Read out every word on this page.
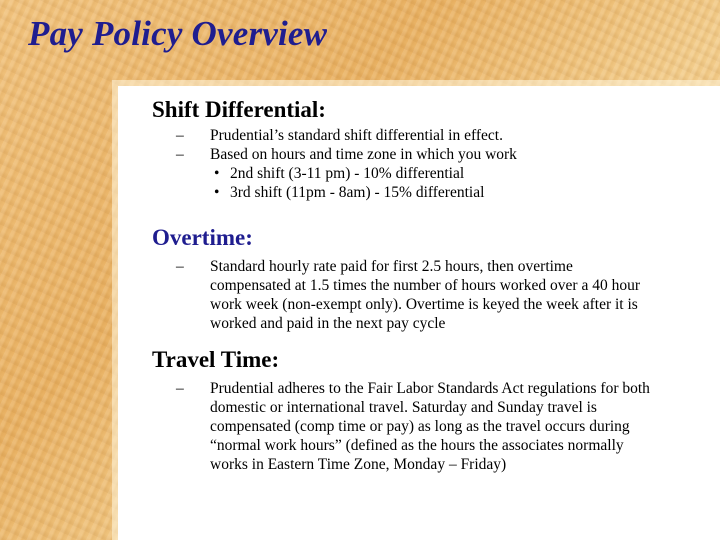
Pay Policy Overview
Shift Differential:
– Prudential’s standard shift differential in effect.
– Based on hours and time zone in which you work
• 2nd shift (3-11 pm) - 10% differential
• 3rd shift (11pm - 8am) - 15% differential
Overtime:
– Standard hourly rate paid for first 2.5 hours, then overtime compensated at 1.5 times the number of hours worked over a 40 hour work week (non-exempt only). Overtime is keyed the week after it is worked and paid in the next pay cycle
Travel Time:
– Prudential adheres to the Fair Labor Standards Act regulations for both domestic or international travel. Saturday and Sunday travel is compensated (comp time or pay) as long as the travel occurs during “normal work hours” (defined as the hours the associates normally works in Eastern Time Zone, Monday – Friday)
